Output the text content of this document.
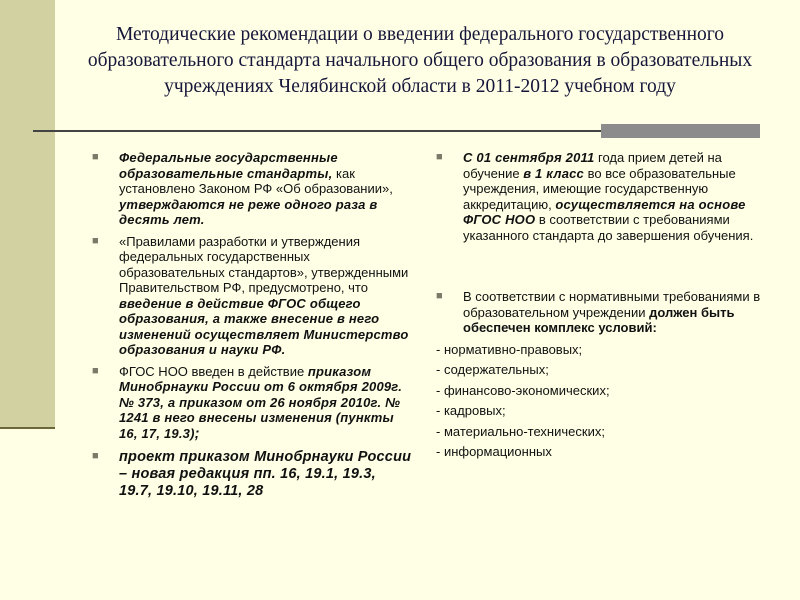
Методические рекомендации о введении федерального государственного образовательного стандарта начального общего образования в образовательных учреждениях Челябинской области в 2011-2012 учебном году
■ Федеральные государственные образовательные стандарты, как установлено Законом РФ «Об образовании», утверждаются не реже одного раза в десять лет.
■ «Правилами разработки и утверждения федеральных государственных образовательных стандартов», утвержденными Правительством РФ, предусмотрено, что введение в действие ФГОС общего образования, а также внесение в него изменений осуществляет Министерство образования и науки РФ.
■ ФГОС НОО введен в действие приказом Минобрнауки России от 6 октября 2009г. № 373, а приказом от 26 ноября 2010г. № 1241 в него внесены изменения (пункты 16, 17, 19.3);
■ проект приказом Минобрнауки России – новая редакция пп. 16, 19.1, 19.3, 19.7, 19.10, 19.11, 28
■ С 01 сентября 2011 года прием детей на обучение в 1 класс во все образовательные учреждения, имеющие государственную аккредитацию, осуществляется на основе ФГОС НОО в соответствии с требованиями указанного стандарта до завершения обучения.
■ В соответствии с нормативными требованиями в образовательном учреждении должен быть обеспечен комплекс условий:
- нормативно-правовых;
- содержательных;
- финансово-экономических;
- кадровых;
- материально-технических;
- информационных
